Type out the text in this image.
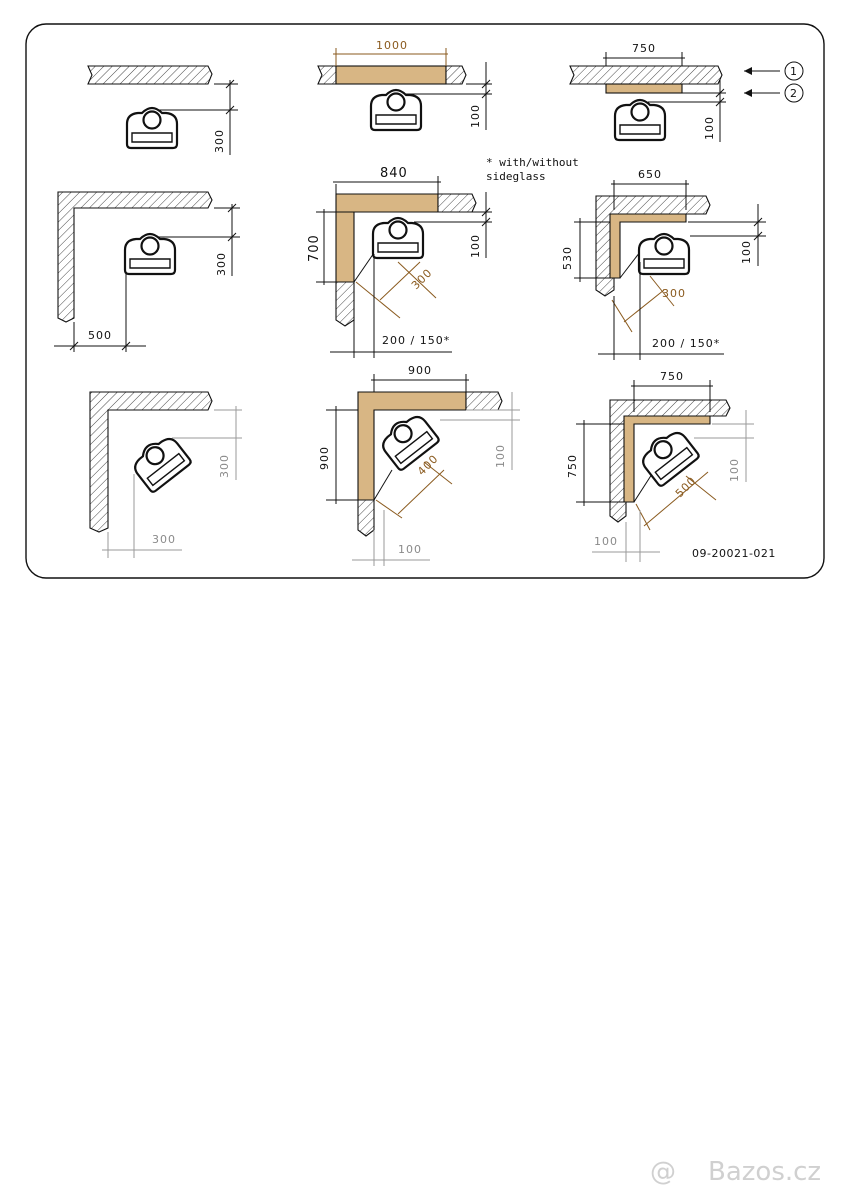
300
1000
100
750
100
1
2
* with/without
sideglass
300
500
840
700	100
300
200 / 150*
650
530	100
300
200 / 150*
300
300
900
900	100
400
100
750
750	100
500
100
09-20021-021
@ Bazos.cz
